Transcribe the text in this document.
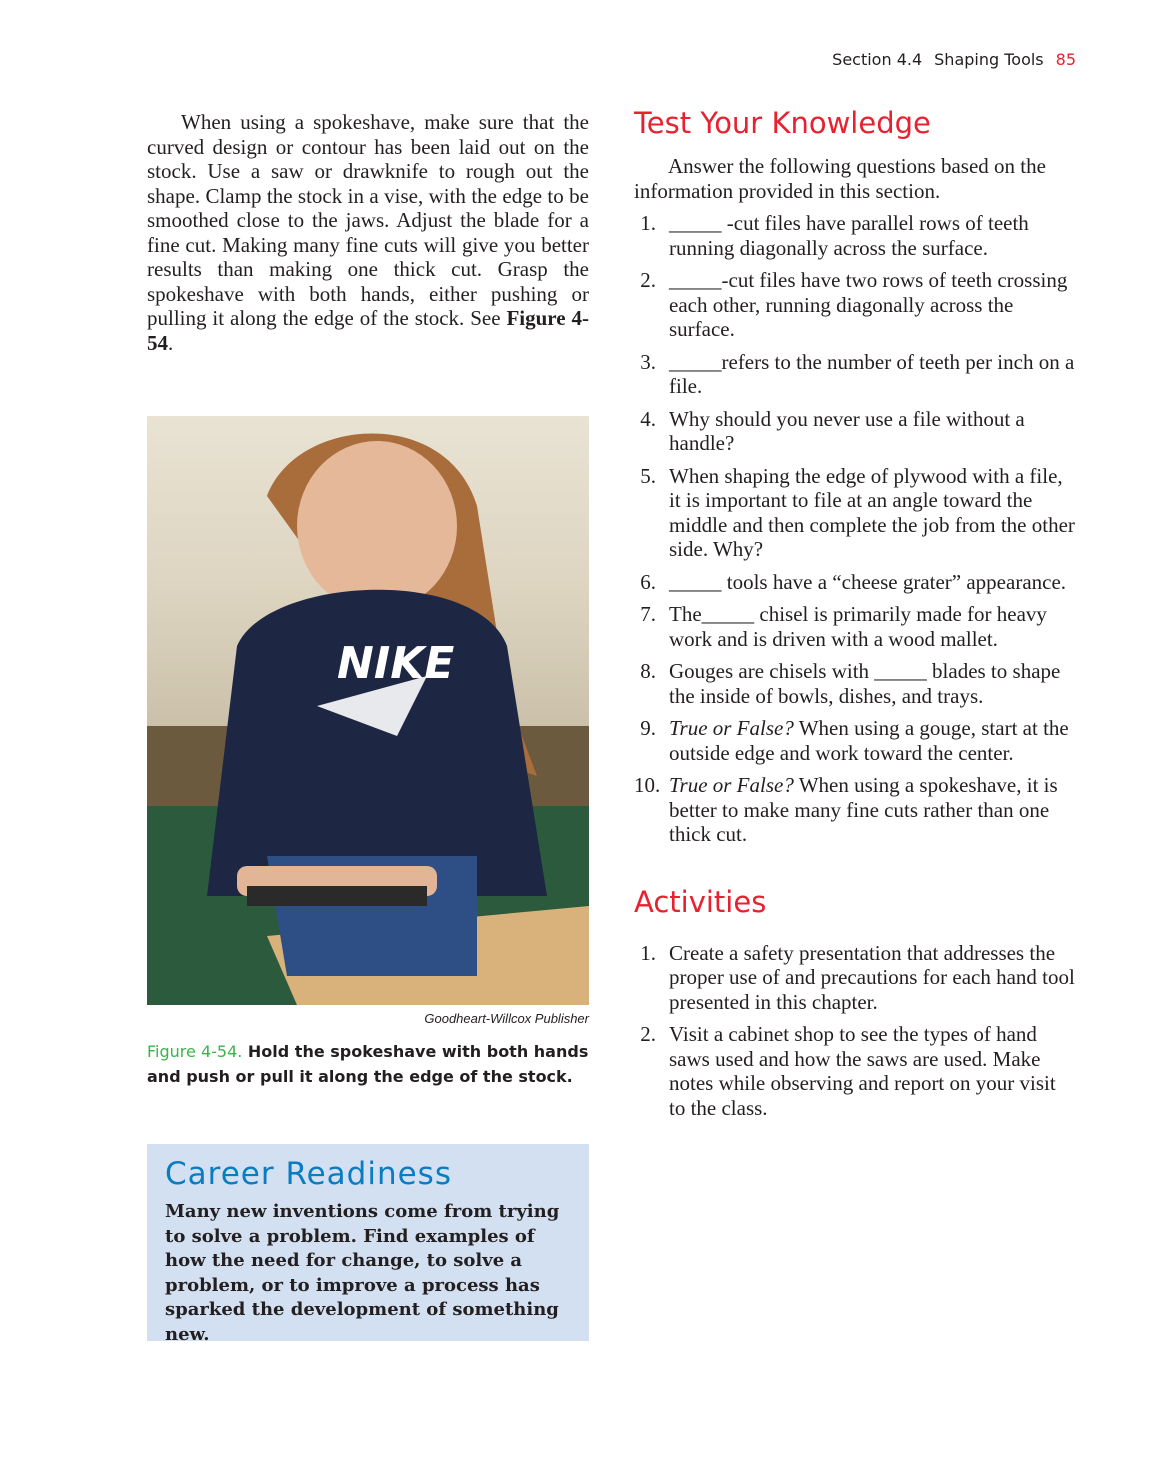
Section 4.4 Shaping Tools 85

When using a spokeshave, make sure that the curved design or contour has been laid out on the stock. Use a saw or drawknife to rough out the shape. Clamp the stock in a vise, with the edge to be smoothed close to the jaws. Adjust the blade for a fine cut. Making many fine cuts will give you better results than making one thick cut. Grasp the spokeshave with both hands, either pushing or pulling it along the edge of the stock. See Figure 4-54.

NIKE
Goodheart-Willcox Publisher
Figure 4-54. Hold the spokeshave with both hands and push or pull it along the edge of the stock.
Career Readiness

Many new inventions come from trying to solve a problem. Find examples of how the need for change, to solve a problem, or to improve a process has sparked the development of something new.

Test Your Knowledge

Answer the following questions based on the information provided in this section.

1. _____ -cut files have parallel rows of teeth running diagonally across the surface.
2. _____-cut files have two rows of teeth crossing each other, running diagonally across the surface.
3. _____refers to the number of teeth per inch on a file.
4. Why should you never use a file without a handle?
5. When shaping the edge of plywood with a file, it is important to file at an angle toward the middle and then complete the job from the other side. Why?
6. _____ tools have a “cheese grater” appearance.
7. The_____ chisel is primarily made for heavy work and is driven with a wood mallet.
8. Gouges are chisels with _____ blades to shape the inside of bowls, dishes, and trays.
9. True or False? When using a gouge, start at the outside edge and work toward the center.
10. True or False? When using a spokeshave, it is better to make many fine cuts rather than one thick cut.
Activities
1. Create a safety presentation that addresses the proper use of and precautions for each hand tool presented in this chapter.
2. Visit a cabinet shop to see the types of hand saws used and how the saws are used. Make notes while observing and report on your visit to the class.
